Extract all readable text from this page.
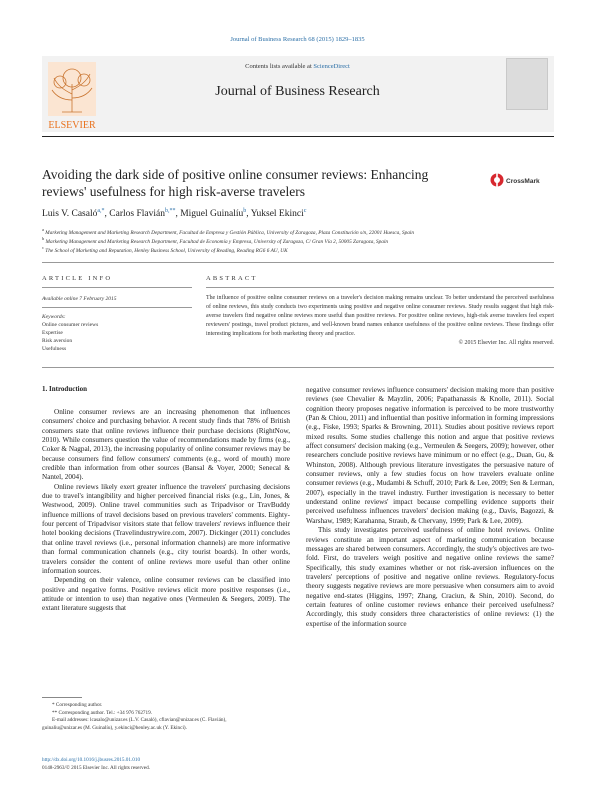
Journal of Business Research 68 (2015) 1829–1835
ELSEVIER
Contents lists available at ScienceDirect
Journal of Business Research
Avoiding the dark side of positive online consumer reviews: Enhancing reviews' usefulness for high risk-averse travelers
CrossMark
Luis V. Casaló$^{a,*}$, Carlos Flavián$^{b,**}$, Miguel Guinalíu$^b$, Yuksel Ekinci$^c$
$^a$ Marketing Management and Marketing Research Department, Facultad de Empresa y Gestión Pública, University of Zaragoza, Plaza Constitución s/n, 22001 Huesca, Spain
$^b$ Marketing Management and Marketing Research Department, Facultad de Economía y Empresa, University of Zaragoza, C/ Gran Vía 2, 50005 Zaragoza, Spain
$^c$ The School of Marketing and Reputation, Henley Business School, University of Reading, Reading RG6 6 AU, UK
ARTICLE INFO	ABSTRACT
Available online 7 February 2015
Keywords:
Online consumer reviews
Expertise
Risk aversion
Usefulness
The influence of positive online consumer reviews on a traveler's decision making remains unclear. To better understand the perceived usefulness of online reviews, this study conducts two experiments using positive and negative online consumer reviews. Study results suggest that high risk-averse travelers find negative online reviews more useful than positive reviews. For positive online reviews, high-risk averse travelers feel expert reviewers' postings, travel product pictures, and well-known brand names enhance usefulness of the positive online reviews. These findings offer interesting implications for both marketing theory and practice.
© 2015 Elsevier Inc. All rights reserved.
1. Introduction

Online consumer reviews are an increasing phenomenon that influences consumers' choice and purchasing behavior. A recent study finds that 78% of British consumers state that online reviews influence their purchase decisions (RightNow, 2010). While consumers question the value of recommendations made by firms (e.g., Coker & Nagpal, 2013), the increasing popularity of online consumer reviews may be because consumers find fellow consumers' comments (e.g., word of mouth) more credible than information from other sources (Bansal & Voyer, 2000; Senecal & Nantel, 2004).

Online reviews likely exert greater influence the travelers' purchasing decisions due to travel's intangibility and higher perceived financial risks (e.g., Lin, Jones, & Westwood, 2009). Online travel communities such as Tripadvisor or TravBuddy influence millions of travel decisions based on previous travelers' comments. Eighty-four percent of Tripadvisor visitors state that fellow travelers' reviews influence their hotel booking decisions (Travelindustrywire.com, 2007). Dickinger (2011) concludes that online travel reviews (i.e., personal information channels) are more informative than formal communication channels (e.g., city tourist boards). In other words, travelers consider the content of online reviews more useful than other online information sources.

Depending on their valence, online consumer reviews can be classified into positive and negative forms. Positive reviews elicit more positive responses (i.e., attitude or intention to use) than negative ones (Vermeulen & Seegers, 2009). The extant literature suggests that

negative consumer reviews influence consumers' decision making more than positive reviews (see Chevalier & Mayzlin, 2006; Papathanassis & Knolle, 2011). Social cognition theory proposes negative information is perceived to be more trustworthy (Pan & Chiou, 2011) and influential than positive information in forming impressions (e.g., Fiske, 1993; Sparks & Browning, 2011). Studies about positive reviews report mixed results. Some studies challenge this notion and argue that positive reviews affect consumers' decision making (e.g., Vermeulen & Seegers, 2009); however, other researchers conclude positive reviews have minimum or no effect (e.g., Duan, Gu, & Whinston, 2008). Although previous literature investigates the persuasive nature of consumer reviews, only a few studies focus on how travelers evaluate online consumer reviews (e.g., Mudambi & Schuff, 2010; Park & Lee, 2009; Sen & Lerman, 2007), especially in the travel industry. Further investigation is necessary to better understand online reviews' impact because compelling evidence supports their perceived usefulness influences travelers' decision making (e.g., Davis, Bagozzi, & Warshaw, 1989; Karahanna, Straub, & Chervany, 1999; Park & Lee, 2009).

This study investigates perceived usefulness of online hotel reviews. Online reviews constitute an important aspect of marketing communication because messages are shared between consumers. Accordingly, the study's objectives are two-fold. First, do travelers weigh positive and negative online reviews the same? Specifically, this study examines whether or not risk-aversion influences on the travelers' perceptions of positive and negative online reviews. Regulatory-focus theory suggests negative reviews are more persuasive when consumers aim to avoid negative end-states (Higgins, 1997; Zhang, Craciun, & Shin, 2010). Second, do certain features of online customer reviews enhance their perceived usefulness? Accordingly, this study considers three characteristics of online reviews: (1) the expertise of the information source

* Corresponding author.
** Corresponding author. Tel.: +34 976 762719.
E-mail addresses: lcasalo@unizar.es (L.V. Casaló), cflavian@unizar.es (C. Flavián),
guinaliu@unizar.es (M. Guinalíu), y.ekinci@henley.ac.uk (Y. Ekinci).
http://dx.doi.org/10.1016/j.jbusres.2015.01.010
0148-2963/© 2015 Elsevier Inc. All rights reserved.
